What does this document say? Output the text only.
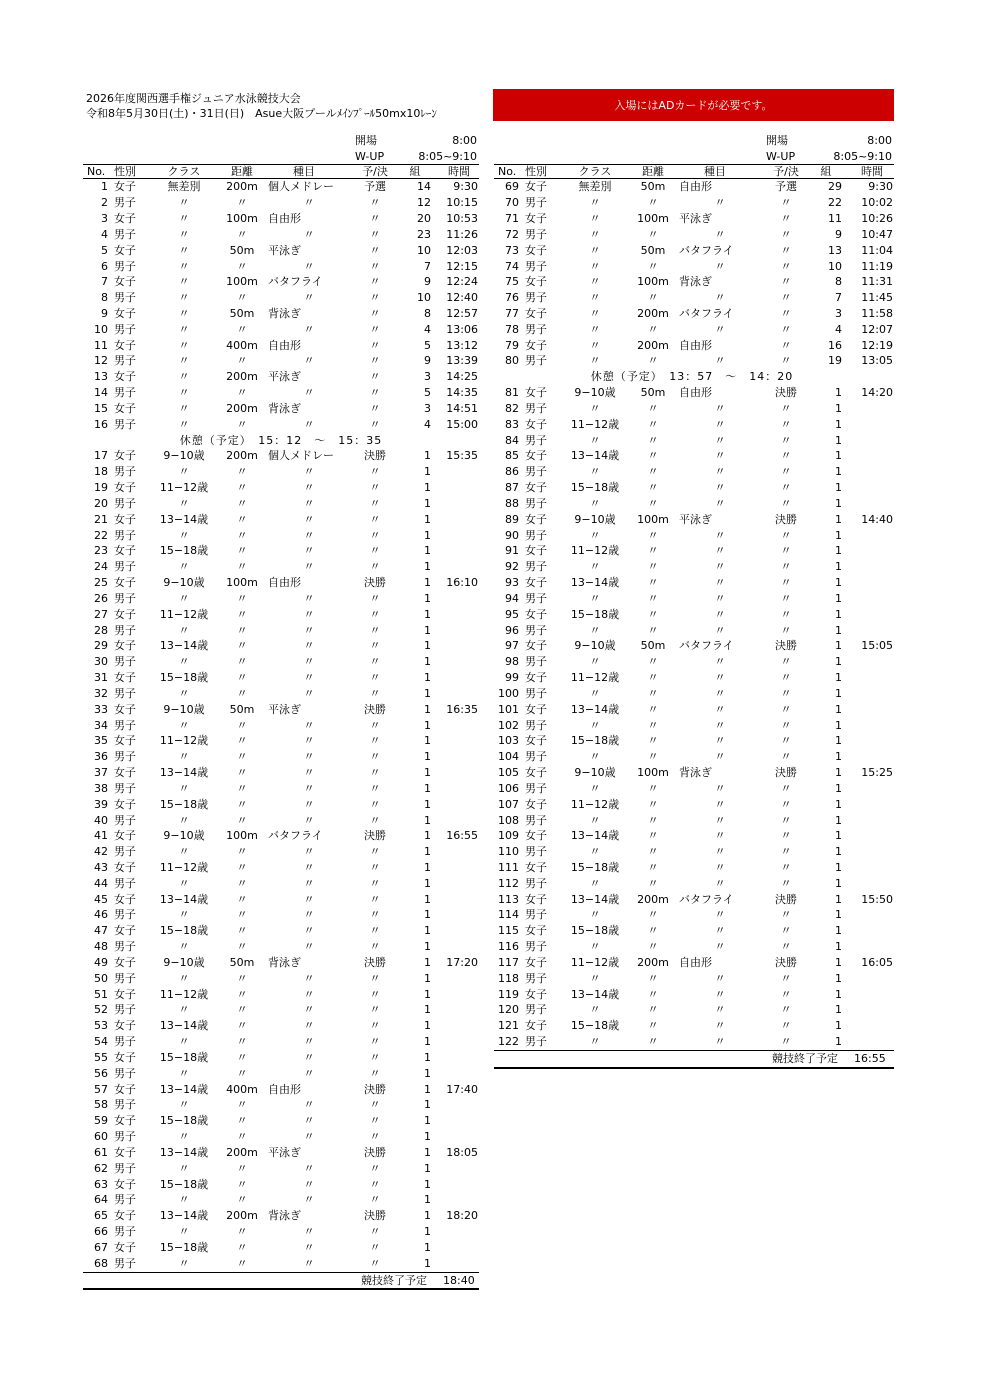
2026年度関西選手権ジュニア水泳競技大会
令和8年5月30日(土)・31日(日)　Asue大阪プールﾒｲﾝﾌﾟｰﾙ50mx10ﾚｰﾝ
入場にはADカードが必要です。
開場	8:00
W-UP	8:05~9:10
No. 性別	クラス	距離	種目	予/決	組	時間
1 女子	無差別	200m 個人メドレー	予選	14	9:30
2 男子	〃	〃	〃	〃	12	10:15
3 女子	〃	100m 自由形	〃	20	10:53
4 男子	〃	〃	〃	〃	23	11:26
5 女子	〃	50m	平泳ぎ	〃	10	12:03
6 男子	〃	〃	〃	〃	7	12:15
7 女子	〃	100m バタフライ	〃	9	12:24
8 男子	〃	〃	〃	〃	10	12:40
9 女子	〃	50m	背泳ぎ	〃	8	12:57
10 男子	〃	〃	〃	〃	4	13:06
11 女子	〃	400m 自由形	〃	5	13:12
12 男子	〃	〃	〃	〃	9	13:39
13 女子	〃	200m 平泳ぎ	〃	3	14:25
14 男子	〃	〃	〃	〃	5	14:35
15 女子	〃	200m 背泳ぎ	〃	3	14:51
16 男子	〃	〃	〃	〃	4	15:00
休憩（予定）　15：12　～　15：35
17 女子	9−10歳	200m 個人メドレー	決勝	1	15:35
18 男子	〃	〃	〃	〃	1
19 女子	11−12歳	〃	〃	〃	1
20 男子	〃	〃	〃	〃	1
21 女子	13−14歳	〃	〃	〃	1
22 男子	〃	〃	〃	〃	1
23 女子	15−18歳	〃	〃	〃	1
24 男子	〃	〃	〃	〃	1
25 女子	9−10歳	100m 自由形	決勝	1	16:10
26 男子	〃	〃	〃	〃	1
27 女子	11−12歳	〃	〃	〃	1
28 男子	〃	〃	〃	〃	1
29 女子	13−14歳	〃	〃	〃	1
30 男子	〃	〃	〃	〃	1
31 女子	15−18歳	〃	〃	〃	1
32 男子	〃	〃	〃	〃	1
33 女子	9−10歳	50m	平泳ぎ	決勝	1	16:35
34 男子	〃	〃	〃	〃	1
35 女子	11−12歳	〃	〃	〃	1
36 男子	〃	〃	〃	〃	1
37 女子	13−14歳	〃	〃	〃	1
38 男子	〃	〃	〃	〃	1
39 女子	15−18歳	〃	〃	〃	1
40 男子	〃	〃	〃	〃	1
41 女子	9−10歳	100m バタフライ	決勝	1	16:55
42 男子	〃	〃	〃	〃	1
43 女子	11−12歳	〃	〃	〃	1
44 男子	〃	〃	〃	〃	1
45 女子	13−14歳	〃	〃	〃	1
46 男子	〃	〃	〃	〃	1
47 女子	15−18歳	〃	〃	〃	1
48 男子	〃	〃	〃	〃	1
49 女子	9−10歳	50m	背泳ぎ	決勝	1	17:20
50 男子	〃	〃	〃	〃	1
51 女子	11−12歳	〃	〃	〃	1
52 男子	〃	〃	〃	〃	1
53 女子	13−14歳	〃	〃	〃	1
54 男子	〃	〃	〃	〃	1
55 女子	15−18歳	〃	〃	〃	1
56 男子	〃	〃	〃	〃	1
57 女子	13−14歳	400m 自由形	決勝	1	17:40
58 男子	〃	〃	〃	〃	1
59 女子	15−18歳	〃	〃	〃	1
60 男子	〃	〃	〃	〃	1
61 女子	13−14歳	200m 平泳ぎ	決勝	1	18:05
62 男子	〃	〃	〃	〃	1
63 女子	15−18歳	〃	〃	〃	1
64 男子	〃	〃	〃	〃	1
65 女子	13−14歳	200m 背泳ぎ	決勝	1	18:20
66 男子	〃	〃	〃	〃	1
67 女子	15−18歳	〃	〃	〃	1
68 男子	〃	〃	〃	〃	1
競技終了予定 18:40
開場	8:00
W-UP	8:05~9:10
No. 性別	クラス	距離	種目	予/決	組	時間
69 女子	無差別	50m	自由形	予選	29	9:30
70 男子	〃	〃	〃	〃	22	10:02
71 女子	〃	100m 平泳ぎ	〃	11	10:26
72 男子	〃	〃	〃	〃	9	10:47
73 女子	〃	50m	バタフライ	〃	13	11:04
74 男子	〃	〃	〃	〃	10	11:19
75 女子	〃	100m 背泳ぎ	〃	8	11:31
76 男子	〃	〃	〃	〃	7	11:45
77 女子	〃	200m バタフライ	〃	3	11:58
78 男子	〃	〃	〃	〃	4	12:07
79 女子	〃	200m 自由形	〃	16	12:19
80 男子	〃	〃	〃	〃	19	13:05
休憩（予定）　13：57　～　14：20
81 女子	9−10歳	50m	自由形	決勝	1	14:20
82 男子	〃	〃	〃	〃	1
83 女子	11−12歳	〃	〃	〃	1
84 男子	〃	〃	〃	〃	1
85 女子	13−14歳	〃	〃	〃	1
86 男子	〃	〃	〃	〃	1
87 女子	15−18歳	〃	〃	〃	1
88 男子	〃	〃	〃	〃	1
89 女子	9−10歳	100m 平泳ぎ	決勝	1	14:40
90 男子	〃	〃	〃	〃	1
91 女子	11−12歳	〃	〃	〃	1
92 男子	〃	〃	〃	〃	1
93 女子	13−14歳	〃	〃	〃	1
94 男子	〃	〃	〃	〃	1
95 女子	15−18歳	〃	〃	〃	1
96 男子	〃	〃	〃	〃	1
97 女子	9−10歳	50m	バタフライ	決勝	1	15:05
98 男子	〃	〃	〃	〃	1
99 女子	11−12歳	〃	〃	〃	1
100 男子	〃	〃	〃	〃	1
101 女子	13−14歳	〃	〃	〃	1
102 男子	〃	〃	〃	〃	1
103 女子	15−18歳	〃	〃	〃	1
104 男子	〃	〃	〃	〃	1
105 女子	9−10歳	100m 背泳ぎ	決勝	1	15:25
106 男子	〃	〃	〃	〃	1
107 女子	11−12歳	〃	〃	〃	1
108 男子	〃	〃	〃	〃	1
109 女子	13−14歳	〃	〃	〃	1
110 男子	〃	〃	〃	〃	1
111 女子	15−18歳	〃	〃	〃	1
112 男子	〃	〃	〃	〃	1
113 女子	13−14歳	200m バタフライ	決勝	1	15:50
114 男子	〃	〃	〃	〃	1
115 女子	15−18歳	〃	〃	〃	1
116 男子	〃	〃	〃	〃	1
117 女子	11−12歳	200m 自由形	決勝	1	16:05
118 男子	〃	〃	〃	〃	1
119 女子	13−14歳	〃	〃	〃	1
120 男子	〃	〃	〃	〃	1
121 女子	15−18歳	〃	〃	〃	1
122 男子	〃	〃	〃	〃	1
競技終了予定 16:55
